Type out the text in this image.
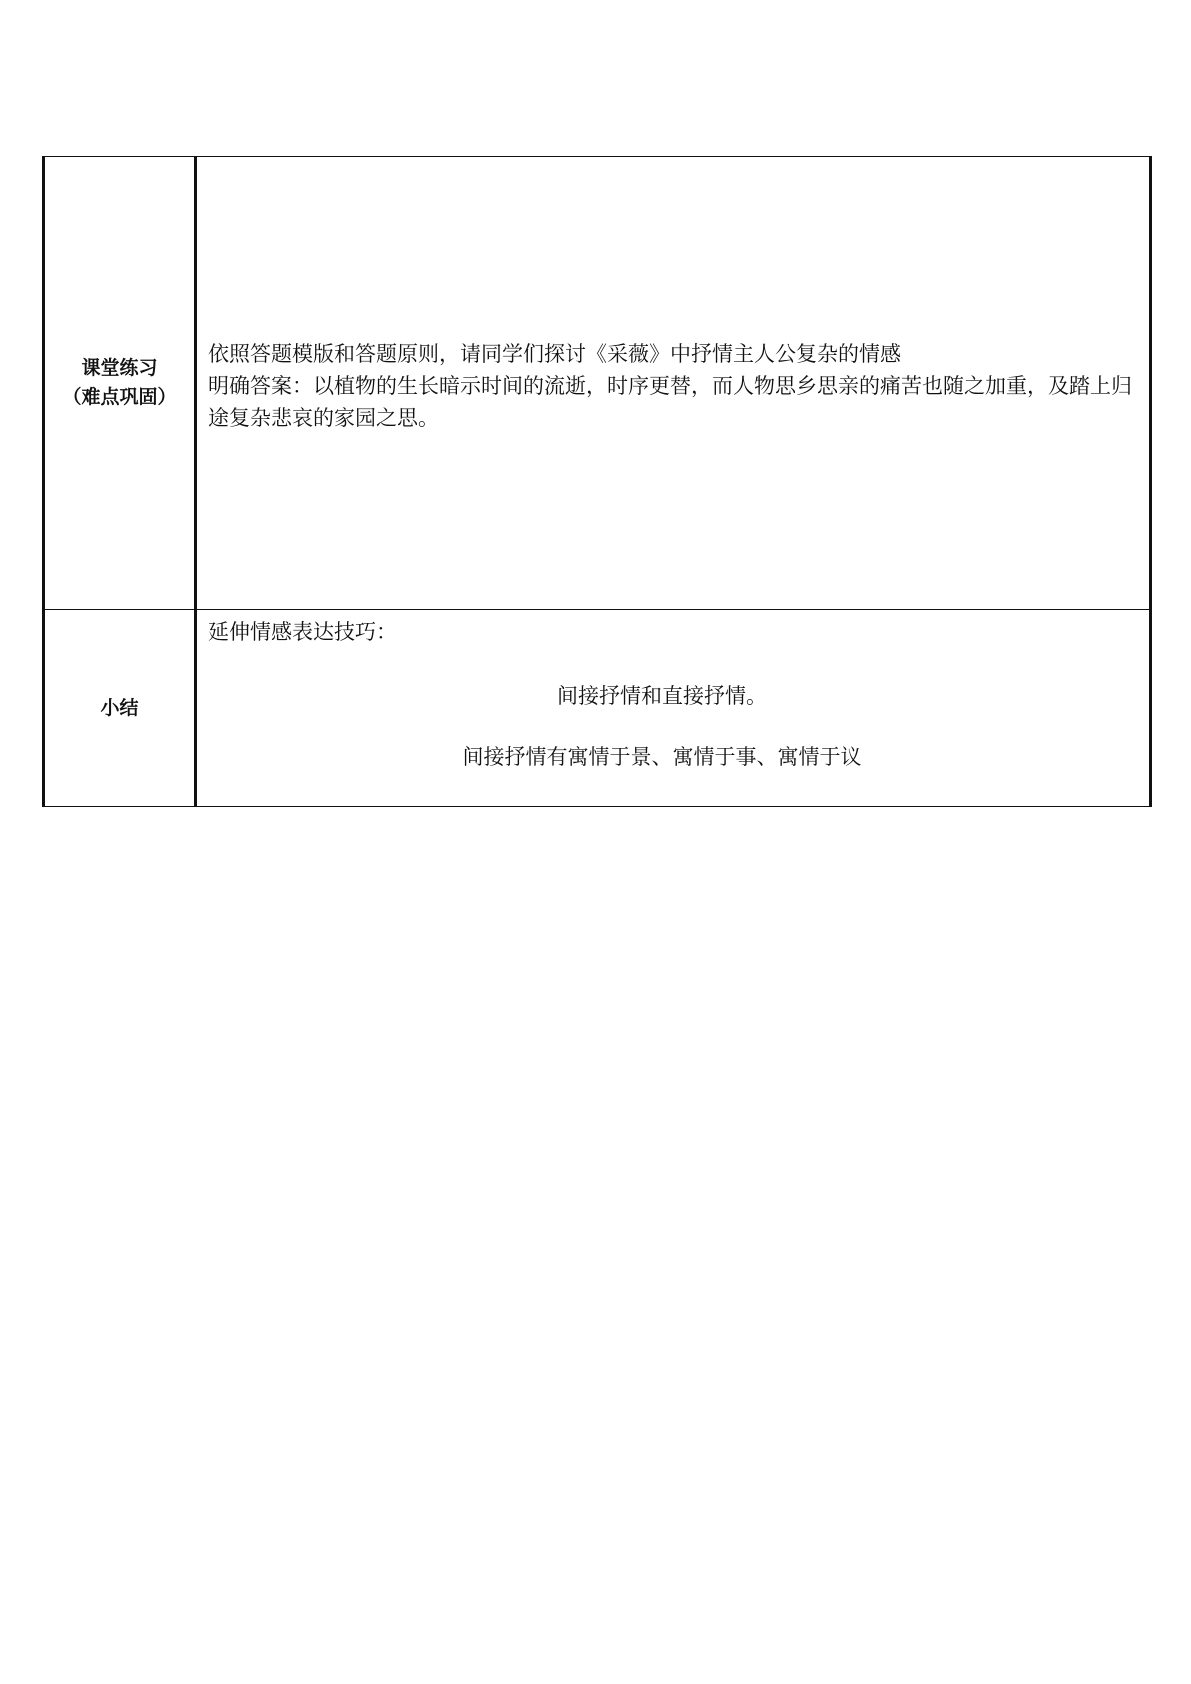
课堂练习
（难点巩固）	依照答题模版和答题原则，请同学们探讨《采薇》中抒情主人公复杂的情感
明确答案：以植物的生长暗示时间的流逝，时序更替，而人物思乡思亲的痛苦也随之加重，及踏上归途复杂悲哀的家园之思。

小结	延伸情感表达技巧：
间接抒情和直接抒情。
间接抒情有寓情于景、寓情于事、寓情于议
